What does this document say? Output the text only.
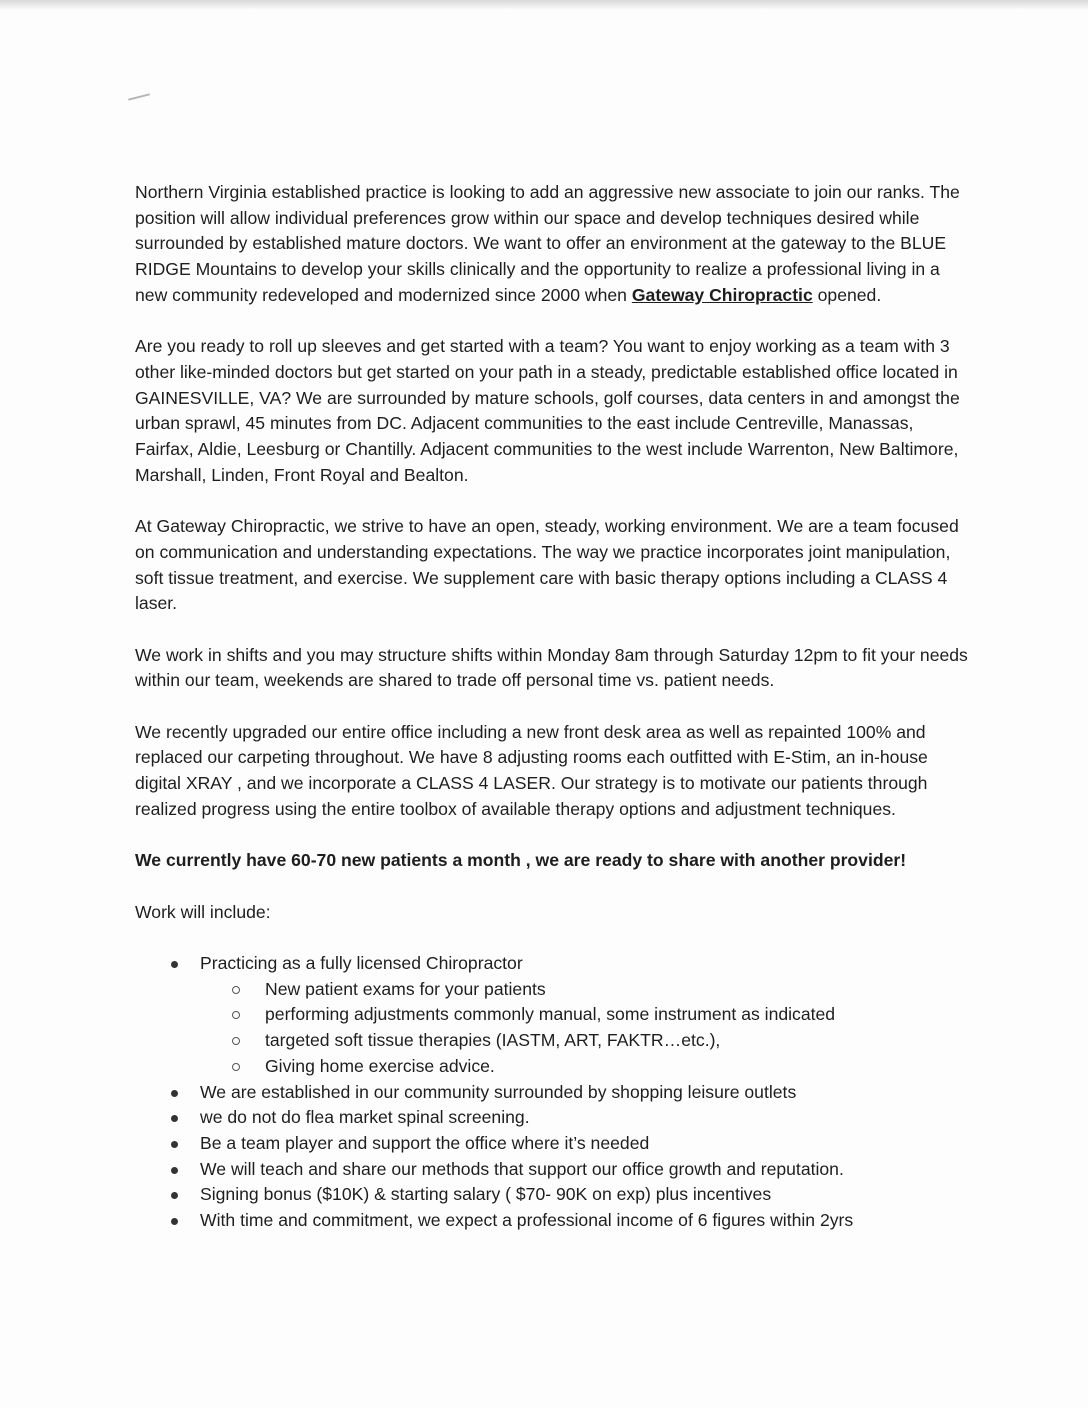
Northern Virginia established practice is looking to add an aggressive new associate to join our ranks. The position will allow individual preferences grow within our space and develop techniques desired while surrounded by established mature doctors. We want to offer an environment at the gateway to the BLUE RIDGE Mountains to develop your skills clinically and the opportunity to realize a professional living in a new community redeveloped and modernized since 2000 when Gateway Chiropractic opened.

Are you ready to roll up sleeves and get started with a team? You want to enjoy working as a team with 3 other like-minded doctors but get started on your path in a steady, predictable established office located in GAINESVILLE, VA? We are surrounded by mature schools, golf courses, data centers in and amongst the urban sprawl, 45 minutes from DC. Adjacent communities to the east include Centreville, Manassas, Fairfax, Aldie, Leesburg or Chantilly. Adjacent communities to the west include Warrenton, New Baltimore, Marshall, Linden, Front Royal and Bealton.

At Gateway Chiropractic, we strive to have an open, steady, working environment. We are a team focused on communication and understanding expectations. The way we practice incorporates joint manipulation, soft tissue treatment, and exercise. We supplement care with basic therapy options including a CLASS 4 laser.

We work in shifts and you may structure shifts within Monday 8am through Saturday 12pm to fit your needs within our team, weekends are shared to trade off personal time vs. patient needs.

We recently upgraded our entire office including a new front desk area as well as repainted 100% and replaced our carpeting throughout. We have 8 adjusting rooms each outfitted with E-Stim, an in-house digital XRAY , and we incorporate a CLASS 4 LASER. Our strategy is to motivate our patients through realized progress using the entire toolbox of available therapy options and adjustment techniques.

We currently have 60-70 new patients a month , we are ready to share with another provider!

Work will include:

Practicing as a fully licensed Chiropractor
New patient exams for your patients
performing adjustments commonly manual, some instrument as indicated
targeted soft tissue therapies (IASTM, ART, FAKTR…etc.),
Giving home exercise advice.
We are established in our community surrounded by shopping leisure outlets
we do not do flea market spinal screening.
Be a team player and support the office where it’s needed
We will teach and share our methods that support our office growth and reputation.
Signing bonus ($10K) & starting salary ( $70- 90K on exp) plus incentives
With time and commitment, we expect a professional income of 6 figures within 2yrs
